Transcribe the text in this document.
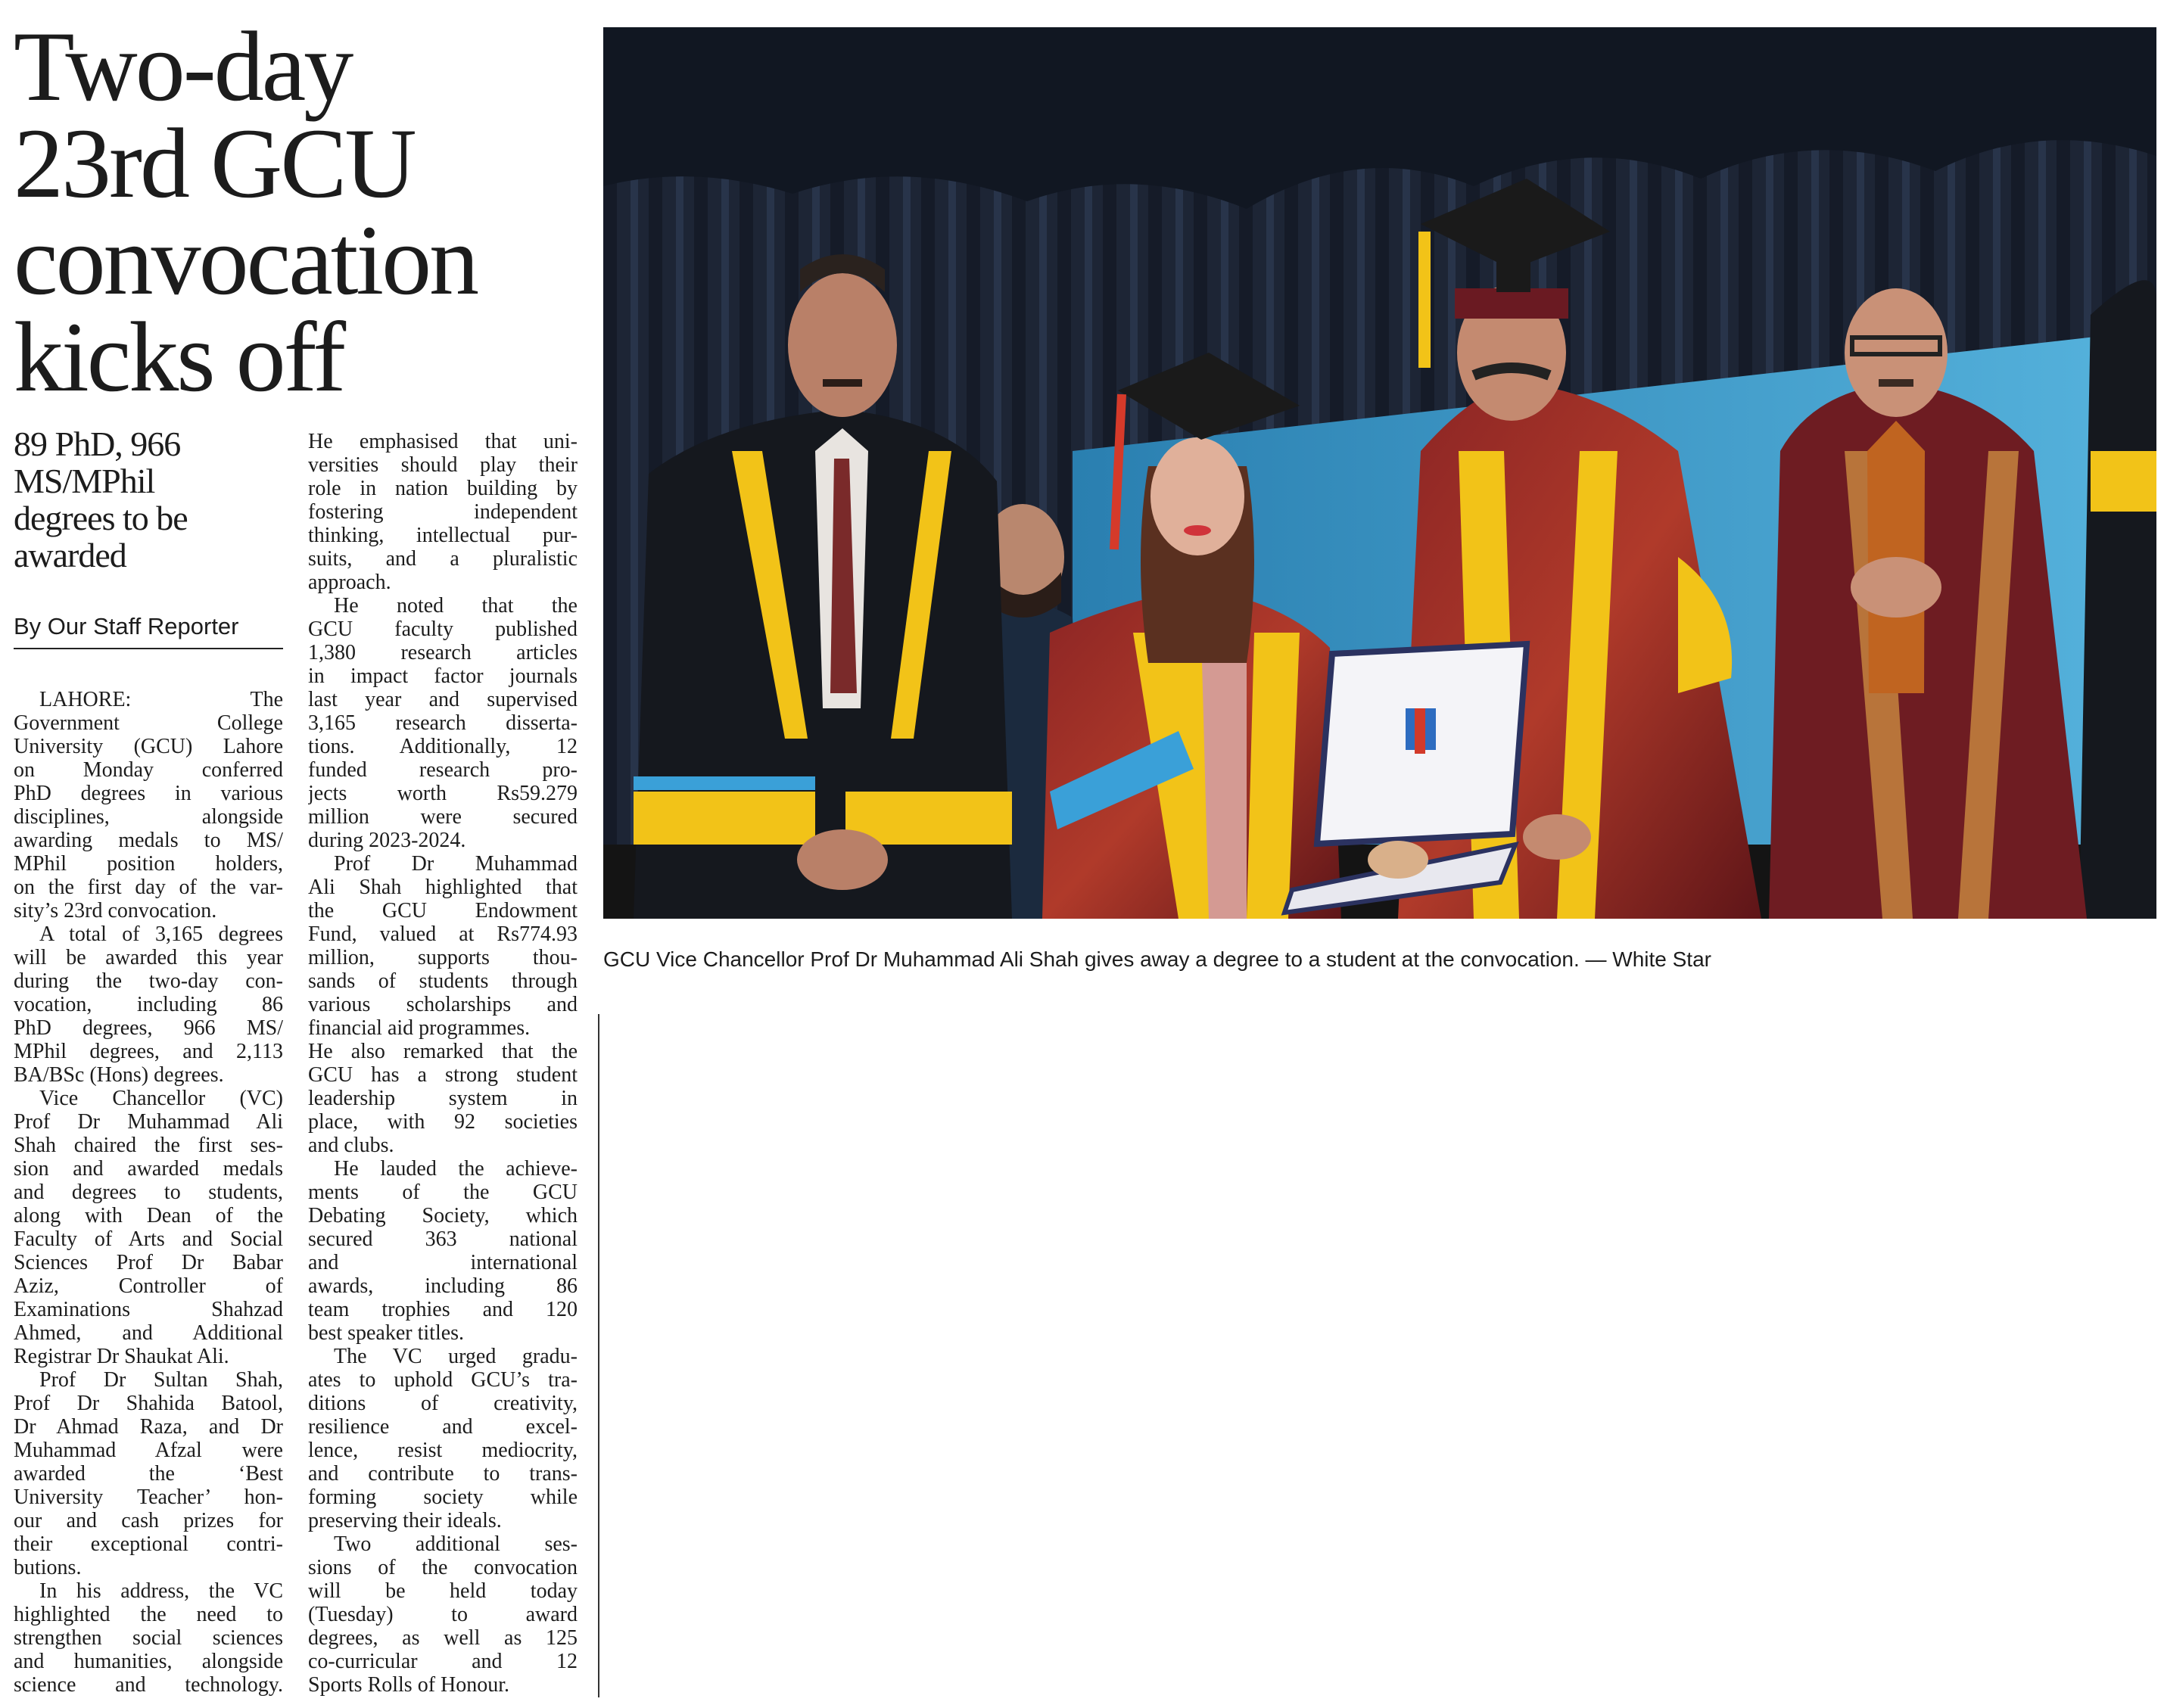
Two-day
23rd GCU
convocation
kicks off
89 PhD, 966
MS/MPhil
degrees to be
awarded
By Our Staff Reporter
LAHORE: The
Government College
University (GCU) Lahore
on Monday conferred
PhD degrees in various
disciplines, alongside
awarding medals to MS/
MPhil position holders,
on the first day of the var-
sity’s 23rd convocation.
A total of 3,165 degrees
will be awarded this year
during the two-day con-
vocation, including 86
PhD degrees, 966 MS/
MPhil degrees, and 2,113
BA/BSc (Hons) degrees.
Vice Chancellor (VC)
Prof Dr Muhammad Ali
Shah chaired the first ses-
sion and awarded medals
and degrees to students,
along with Dean of the
Faculty of Arts and Social
Sciences Prof Dr Babar
Aziz, Controller of
Examinations Shahzad
Ahmed, and Additional
Registrar Dr Shaukat Ali.
Prof Dr Sultan Shah,
Prof Dr Shahida Batool,
Dr Ahmad Raza, and Dr
Muhammad Afzal were
awarded the ‘Best
University Teacher’ hon-
our and cash prizes for
their exceptional contri-
butions.
In his address, the VC
highlighted the need to
strengthen social sciences
and humanities, alongside
science and technology.
He emphasised that uni-
versities should play their
role in nation building by
fostering independent
thinking, intellectual pur-
suits, and a pluralistic
approach.
He noted that the
GCU faculty published
1,380 research articles
in impact factor journals
last year and supervised
3,165 research disserta-
tions. Additionally, 12
funded research pro-
jects worth Rs59.279
million were secured
during 2023-2024.
Prof Dr Muhammad
Ali Shah highlighted that
the GCU Endowment
Fund, valued at Rs774.93
million, supports thou-
sands of students through
various scholarships and
financial aid programmes.
He also remarked that the
GCU has a strong student
leadership system in
place, with 92 societies
and clubs.
He lauded the achieve-
ments of the GCU
Debating Society, which
secured 363 national
and international
awards, including 86
team trophies and 120
best speaker titles.
The VC urged gradu-
ates to uphold GCU’s tra-
ditions of creativity,
resilience and excel-
lence, resist mediocrity,
and contribute to trans-
forming society while
preserving their ideals.
Two additional ses-
sions of the convocation
will be held today
(Tuesday) to award
degrees, as well as 125
co-curricular and 12
Sports Rolls of Honour.
GCU Vice Chancellor Prof Dr Muhammad Ali Shah gives away a degree to a student at the convocation. — White Star
